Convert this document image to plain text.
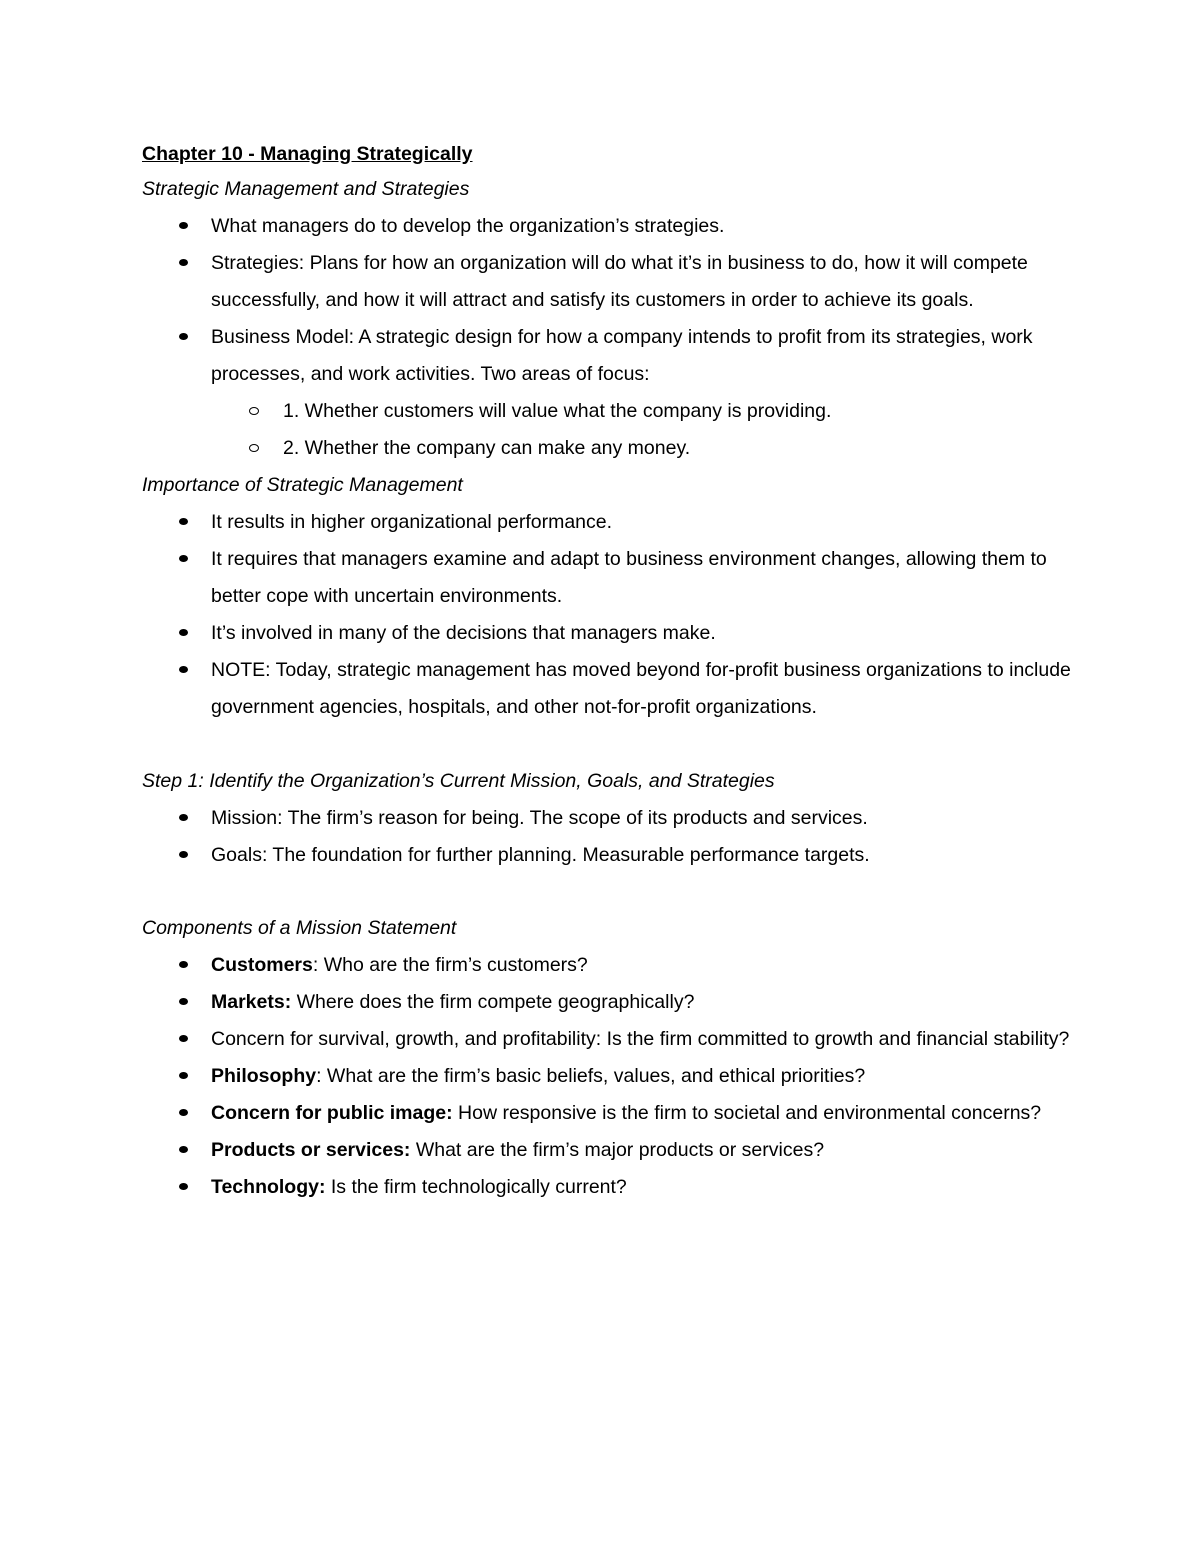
Chapter 10 - Managing Strategically

Strategic Management and Strategies

What managers do to develop the organization’s strategies.
Strategies: Plans for how an organization will do what it’s in business to do, how it will compete successfully, and how it will attract and satisfy its customers in order to achieve its goals.
Business Model: A strategic design for how a company intends to profit from its strategies, work processes, and work activities. Two areas of focus:
1. Whether customers will value what the company is providing.
2. Whether the company can make any money.

Importance of Strategic Management

It results in higher organizational performance.
It requires that managers examine and adapt to business environment changes, allowing them to better cope with uncertain environments.
It’s involved in many of the decisions that managers make.
NOTE: Today, strategic management has moved beyond for-profit business organizations to include government agencies, hospitals, and other not-for-profit organizations.

Step 1: Identify the Organization’s Current Mission, Goals, and Strategies

Mission: The firm’s reason for being. The scope of its products and services.
Goals: The foundation for further planning. Measurable performance targets.

Components of a Mission Statement

Customers: Who are the firm’s customers?
Markets: Where does the firm compete geographically?
Concern for survival, growth, and profitability: Is the firm committed to growth and financial stability?
Philosophy: What are the firm’s basic beliefs, values, and ethical priorities?
Concern for public image: How responsive is the firm to societal and environmental concerns?
Products or services: What are the firm’s major products or services?
Technology: Is the firm technologically current?
